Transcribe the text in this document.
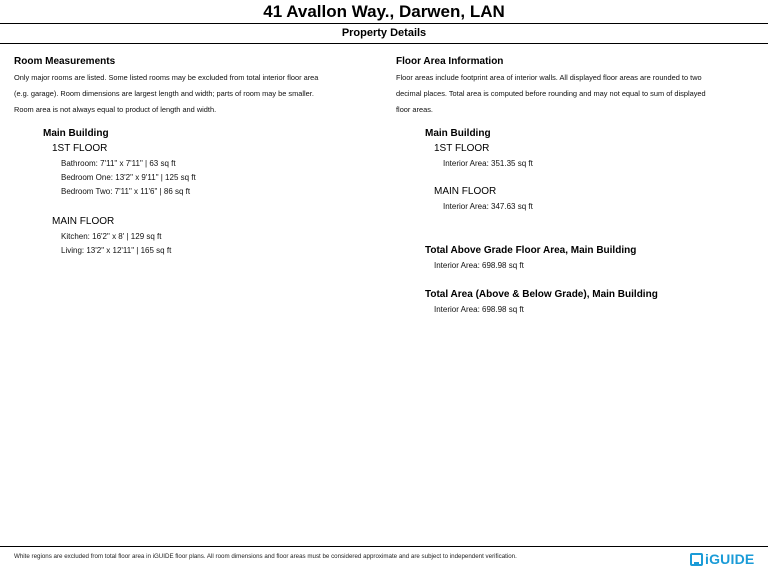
41 Avallon Way., Darwen, LAN
Property Details

Room Measurements

Only major rooms are listed. Some listed rooms may be excluded from total interior floor area

(e.g. garage). Room dimensions are largest length and width; parts of room may be smaller.

Room area is not always equal to product of length and width.

Main Building

1ST FLOOR

Bathroom: 7'11" x 7'11" | 63 sq ft

Bedroom One: 13'2" x 9'11" | 125 sq ft

Bedroom Two: 7'11" x 11'6" | 86 sq ft

MAIN FLOOR

Kitchen: 16'2" x 8' | 129 sq ft

Living: 13'2" x 12'11" | 165 sq ft

Floor Area Information

Floor areas include footprint area of interior walls. All displayed floor areas are rounded to two

decimal places. Total area is computed before rounding and may not equal to sum of displayed

floor areas.

Main Building

1ST FLOOR

Interior Area: 351.35 sq ft

MAIN FLOOR

Interior Area: 347.63 sq ft

Total Above Grade Floor Area, Main Building

Interior Area: 698.98 sq ft

Total Area (Above & Below Grade), Main Building

Interior Area: 698.98 sq ft

White regions are excluded from total floor area in iGUIDE floor plans. All room dimensions and floor areas must be considered approximate and are subject to independent verification.	iGUIDE
